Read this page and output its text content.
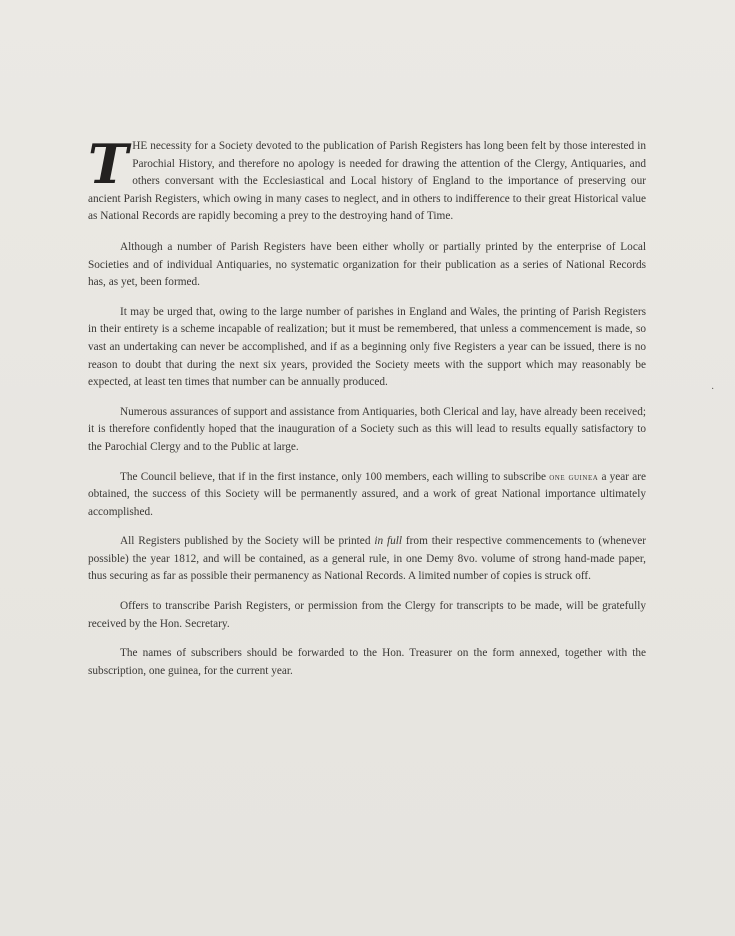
THE necessity for a Society devoted to the publication of Parish Registers has long been felt by those interested in Parochial History, and therefore no apology is needed for drawing the attention of the Clergy, Antiquaries, and others conversant with the Ecclesiastical and Local history of England to the importance of preserving our ancient Parish Registers, which owing in many cases to neglect, and in others to indifference to their great Historical value as National Records are rapidly becoming a prey to the destroying hand of Time.

Although a number of Parish Registers have been either wholly or partially printed by the enterprise of Local Societies and of individual Antiquaries, no systematic organization for their publication as a series of National Records has, as yet, been formed.

It may be urged that, owing to the large number of parishes in England and Wales, the printing of Parish Registers in their entirety is a scheme incapable of realization; but it must be remembered, that unless a commencement is made, so vast an undertaking can never be accomplished, and if as a beginning only five Registers a year can be issued, there is no reason to doubt that during the next six years, provided the Society meets with the support which may reasonably be expected, at least ten times that number can be annually produced.

Numerous assurances of support and assistance from Antiquaries, both Clerical and lay, have already been received; it is therefore confidently hoped that the inauguration of a Society such as this will lead to results equally satisfactory to the Parochial Clergy and to the Public at large.

The Council believe, that if in the first instance, only 100 members, each willing to subscribe one guinea a year are obtained, the success of this Society will be permanently assured, and a work of great National importance ultimately accomplished.

All Registers published by the Society will be printed in full from their respective commencements to (whenever possible) the year 1812, and will be contained, as a general rule, in one Demy 8vo. volume of strong hand-made paper, thus securing as far as possible their permanency as National Records. A limited number of copies is struck off.

Offers to transcribe Parish Registers, or permission from the Clergy for transcripts to be made, will be gratefully received by the Hon. Secretary.

The names of subscribers should be forwarded to the Hon. Treasurer on the form annexed, together with the subscription, one guinea, for the current year.

·
